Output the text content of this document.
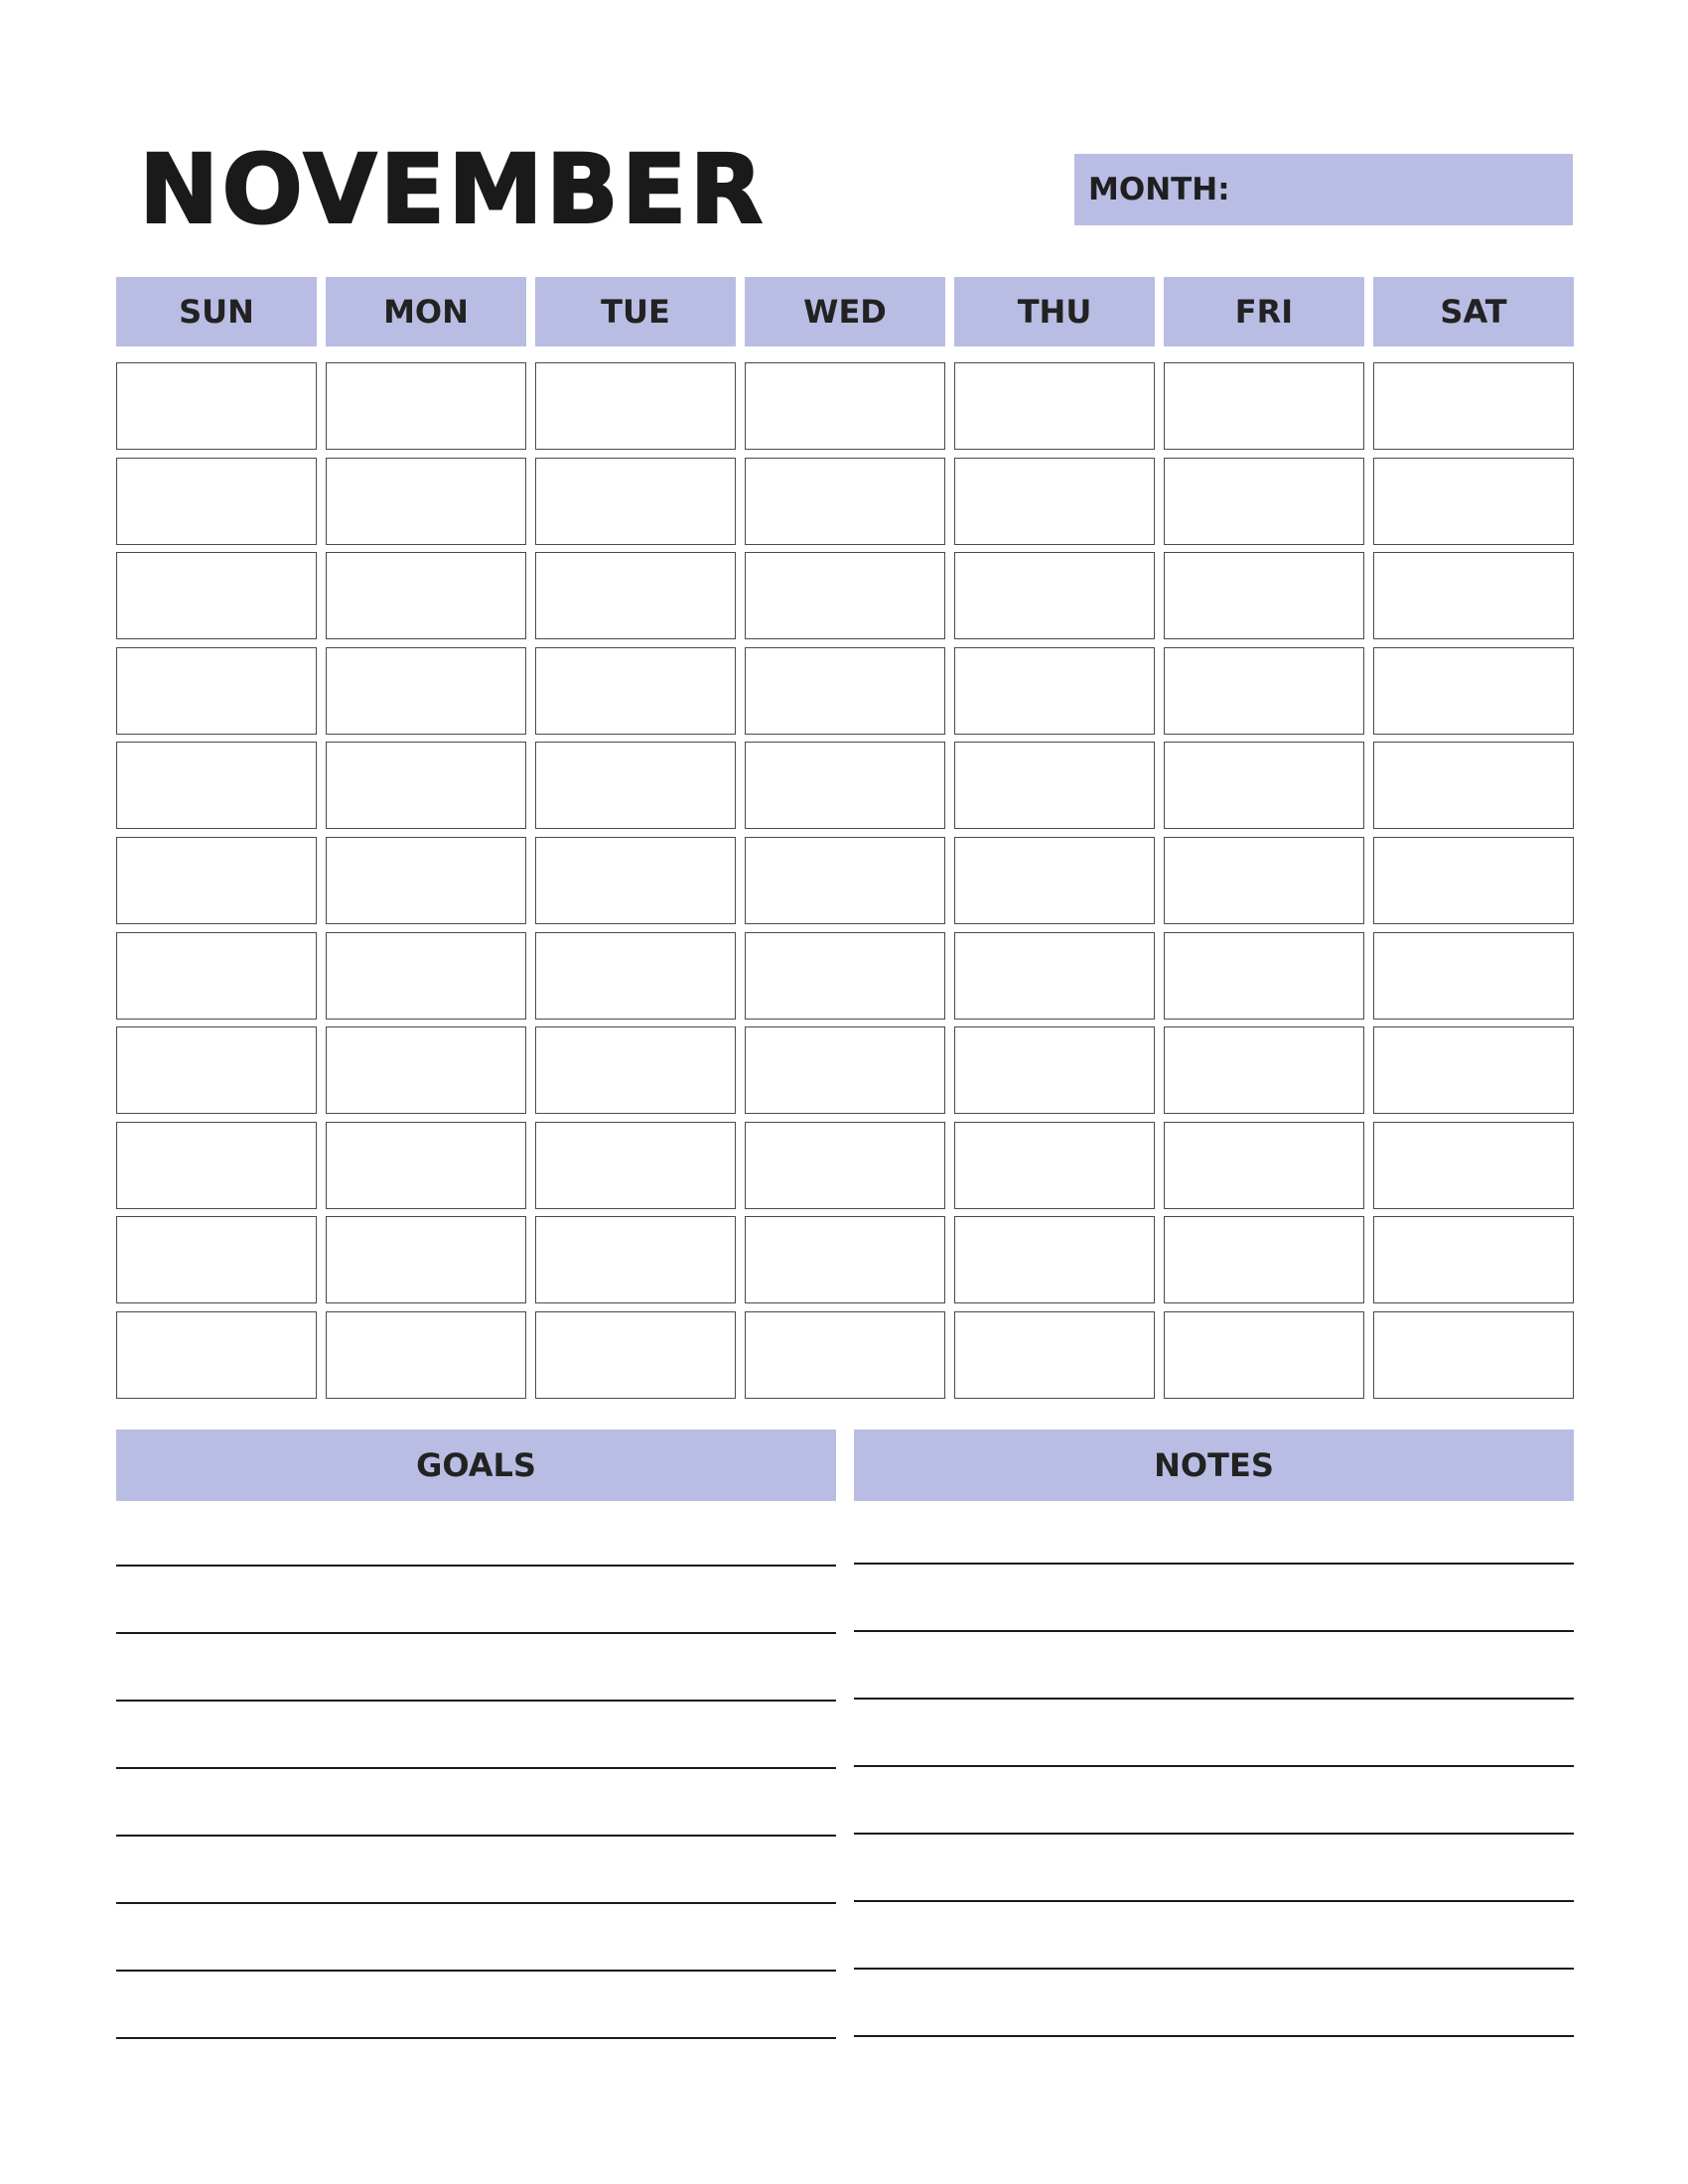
NOVEMBER	MONTH:
SUN	MON	TUE	WED	THU	FRI	SAT
GOALS	NOTES
